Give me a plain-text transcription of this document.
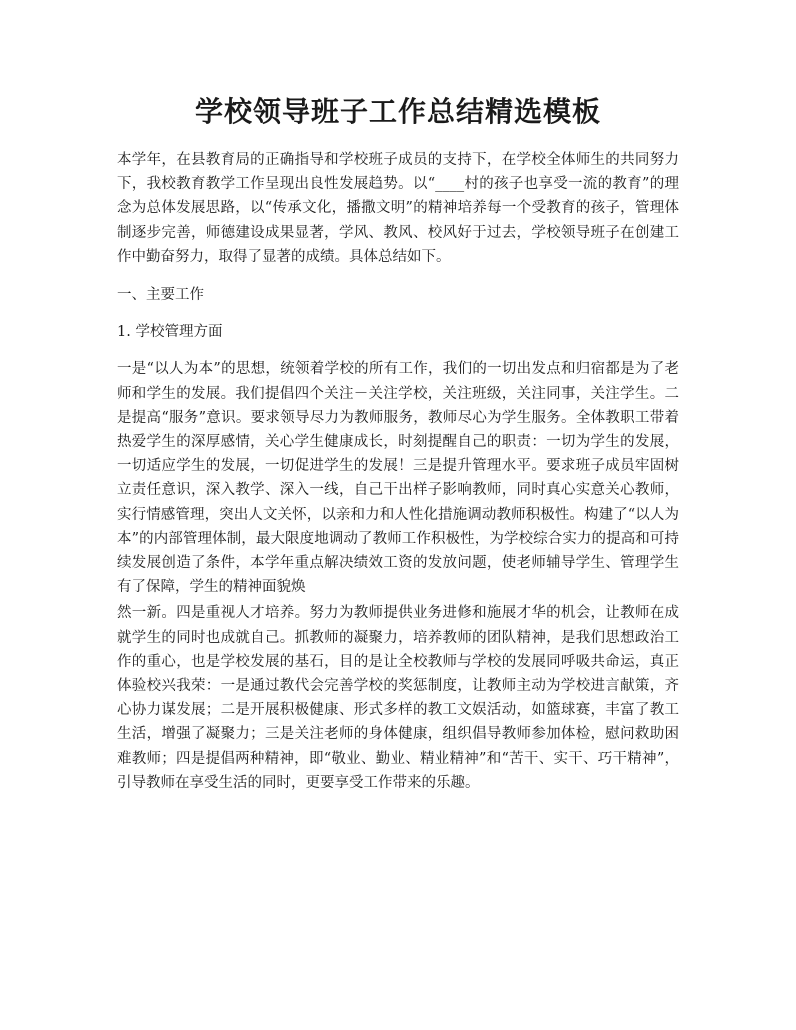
学校领导班子工作总结精选模板

本学年，在县教育局的正确指导和学校班子成员的支持下，在学校全体师生的共同努力下，我校教育教学工作呈现出良性发展趋势。以“____村的孩子也享受一流的教育”的理念为总体发展思路，以“传承文化，播撒文明”的精神培养每一个受教育的孩子，管理体制逐步完善，师德建设成果显著，学风、教风、校风好于过去，学校领导班子在创建工作中勤奋努力，取得了显著的成绩。具体总结如下。

一、主要工作

1. 学校管理方面

一是“以人为本”的思想，统领着学校的所有工作，我们的一切出发点和归宿都是为了老师和学生的发展。我们提倡四个关注－关注学校，关注班级，关注同事，关注学生。二是提高“服务”意识。要求领导尽力为教师服务，教师尽心为学生服务。全体教职工带着热爱学生的深厚感情，关心学生健康成长，时刻提醒自己的职责：一切为学生的发展，一切适应学生的发展，一切促进学生的发展！三是提升管理水平。要求班子成员牢固树立责任意识，深入教学、深入一线，自己干出样子影响教师，同时真心实意关心教师，实行情感管理，突出人文关怀，以亲和力和人性化措施调动教师积极性。构建了“以人为本”的内部管理体制，最大限度地调动了教师工作积极性，为学校综合实力的提高和可持续发展创造了条件，本学年重点解决绩效工资的发放问题，使老师辅导学生、管理学生有了保障，学生的精神面貌焕

然一新。四是重视人才培养。努力为教师提供业务进修和施展才华的机会，让教师在成就学生的同时也成就自己。抓教师的凝聚力，培养教师的团队精神，是我们思想政治工作的重心，也是学校发展的基石，目的是让全校教师与学校的发展同呼吸共命运，真正体验校兴我荣：一是通过教代会完善学校的奖惩制度，让教师主动为学校进言献策，齐心协力谋发展；二是开展积极健康、形式多样的教工文娱活动，如篮球赛，丰富了教工生活，增强了凝聚力；三是关注老师的身体健康，组织倡导教师参加体检，慰问救助困难教师；四是提倡两种精神，即“敬业、勤业、精业精神”和“苦干、实干、巧干精神”，引导教师在享受生活的同时，更要享受工作带来的乐趣。
